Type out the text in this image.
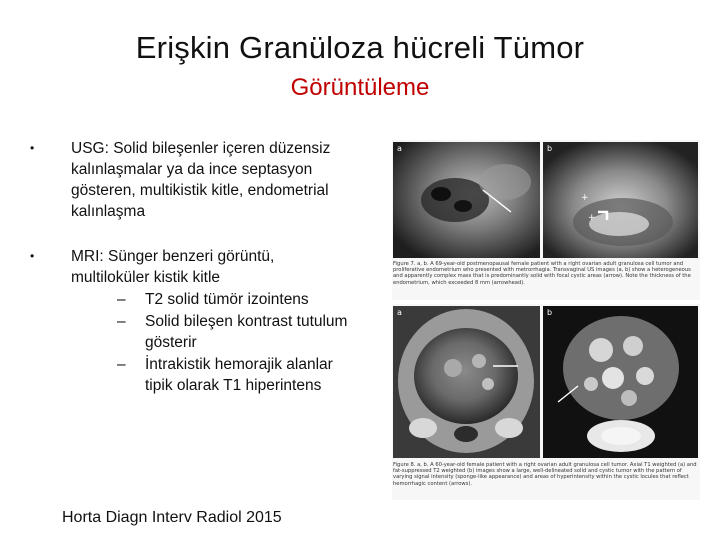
Erişkin Granüloza hücreli Tümor
Görüntüleme
• USG: Solid bileşenler içeren düzensiz kalınlaşmalar ya da ince septasyon gösteren, multikistik kitle, endometrial kalınlaşma
• MRI: Sünger benzeri görüntü, multiloküler kistik kitle
– T2 solid tümör izointens
– Solid bileşen kontrast tutulum gösterir
– İntrakistik hemorajik alanlar tipik olarak T1 hiperintens
Horta Diagn Interv Radiol 2015
a
+
+
b
Figure 7. a, b. A 69-year-old postmenopausal female patient with a right ovarian adult granulosa cell tumor and proliferative endometrium who presented with metrorrhagia. Transvaginal US images (a, b) show a heterogeneous and apparently complex mass that is predominantly solid with focal cystic areas (arrow). Note the thickness of the endometrium, which exceeded 8 mm (arrowhead).
a	b
Figure 8. a, b. A 60-year-old female patient with a right ovarian adult granulosa cell tumor. Axial T1 weighted (a) and fat-suppressed T2 weighted (b) images show a large, well-delineated solid and cystic tumor with the pattern of varying signal intensity (sponge-like appearance) and areas of hyperintensity within the cystic locules that reflect hemorrhagic content (arrows).
